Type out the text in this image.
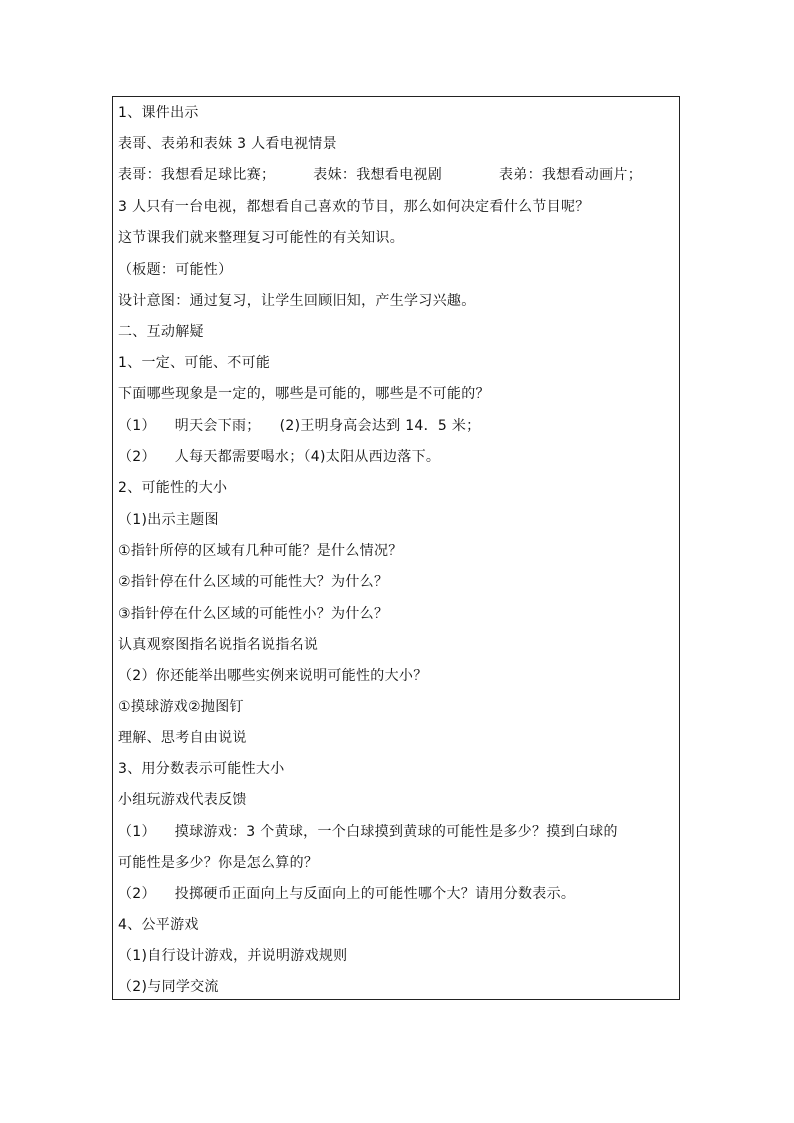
1、课件出示
表哥、表弟和表妹 3 人看电视情景
表哥：我想看足球比赛；        表妹：我想看电视剧            表弟：我想看动画片；
3 人只有一台电视，都想看自己喜欢的节目，那么如何决定看什么节目呢？
这节课我们就来整理复习可能性的有关知识。
（板题：可能性）
设计意图：通过复习，让学生回顾旧知，产生学习兴趣。
二、互动解疑
1、一定、可能、不可能
下面哪些现象是一定的，哪些是可能的，哪些是不可能的？
（1）    明天会下雨；    (2)王明身高会达到 14．5 米；
（2）    人每天都需要喝水；（4)太阳从西边落下。
2、可能性的大小
（1)出示主题图
①指针所停的区域有几种可能？是什么情况？
②指针停在什么区域的可能性大？为什么？
③指针停在什么区域的可能性小？为什么？
认真观察图指名说指名说指名说
（2）你还能举出哪些实例来说明可能性的大小？
①摸球游戏②抛图钉
理解、思考自由说说
3、用分数表示可能性大小
小组玩游戏代表反馈
（1）    摸球游戏：3 个黄球，一个白球摸到黄球的可能性是多少？摸到白球的
可能性是多少？你是怎么算的？
（2）    投掷硬币正面向上与反面向上的可能性哪个大？请用分数表示。
4、公平游戏
（1)自行设计游戏，并说明游戏规则
（2)与同学交流
